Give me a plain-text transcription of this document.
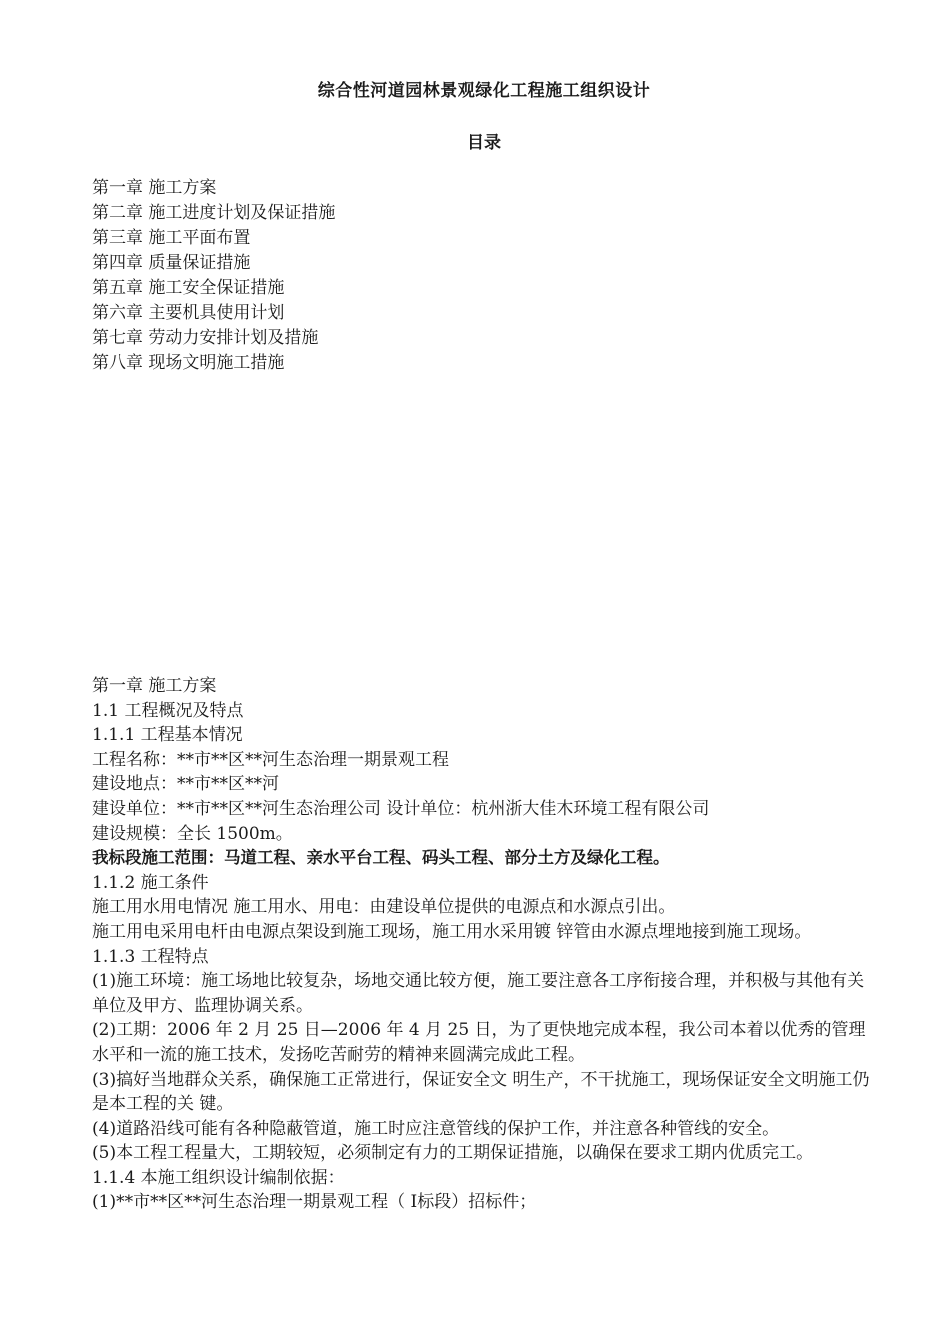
综合性河道园林景观绿化工程施工组织设计
目录
第一章 施工方案
第二章 施工进度计划及保证措施
第三章 施工平面布置
第四章 质量保证措施
第五章 施工安全保证措施
第六章 主要机具使用计划
第七章 劳动力安排计划及措施
第八章 现场文明施工措施

第一章 施工方案

1.1 工程概况及特点

1.1.1 工程基本情况

工程名称：**市**区**河生态治理一期景观工程

建设地点：**市**区**河

建设单位：**市**区**河生态治理公司 设计单位：杭州浙大佳木环境工程有限公司

建设规模：全长 1500m。

我标段施工范围：马道工程、亲水平台工程、码头工程、部分土方及绿化工程。

1.1.2 施工条件

施工用水用电情况 施工用水、用电：由建设单位提供的电源点和水源点引出。

施工用电采用电杆由电源点架设到施工现场，施工用水采用镀 锌管由水源点埋地接到施工现场。

1.1.3 工程特点

(1)施工环境：施工场地比较复杂，场地交通比较方便，施工要注意各工序衔接合理，并积极与其他有关单位及甲方、监理协调关系。

(2)工期：2006 年 2 月 25 日—2006 年 4 月 25 日，为了更快地完成本程，我公司本着以优秀的管理水平和一流的施工技术，发扬吃苦耐劳的精神来圆满完成此工程。

(3)搞好当地群众关系，确保施工正常进行，保证安全文 明生产，不干扰施工，现场保证安全文明施工仍是本工程的关 键。

(4)道路沿线可能有各种隐蔽管道，施工时应注意管线的保护工作，并注意各种管线的安全。

(5)本工程工程量大，工期较短，必须制定有力的工期保证措施，以确保在要求工期内优质完工。

1.1.4 本施工组织设计编制依据：

(1)**市**区**河生态治理一期景观工程（ Ⅰ标段）招标件；
